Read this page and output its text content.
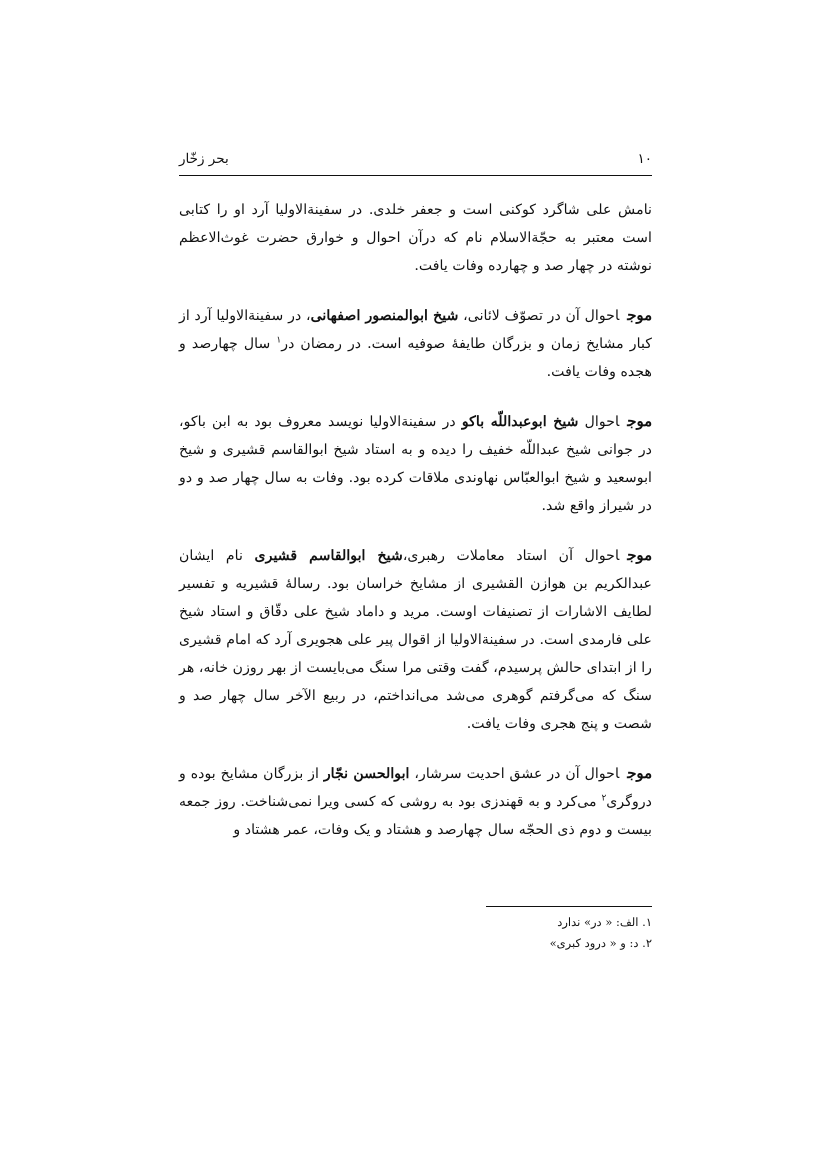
۱۰
بحر زخّار

نامش علی شاگرد کوکنی است و جعفر خلدی. در سفینةالاولیا آرد او را کتابی است معتبر به حجّةالاسلام نام که درآن احوال و خوارق حضرت غوث‌الاعظم نوشته در چهار صد و چهارده وفات یافت.

موجاحوال آن در تصوّف لائانی، شیخ ابوالمنصور اصفهانی، در سفینةالاولیا آرد از کبار مشایخ زمان و بزرگان طایفهٔ صوفیه است. در رمضان در$^۱$ سال چهارصد و هجده وفات یافت.

موجاحوال شیخ ابوعبداللّه باکو در سفینةالاولیا نویسد معروف بود به ابن باکو، در جوانی شیخ عبداللّه خفیف را دیده و به استاد شیخ ابوالقاسم قشیری و شیخ ابوسعید و شیخ ابوالعبّاس نهاوندی ملاقات کرده بود. وفات به سال چهار صد و دو در شیراز واقع شد.

موجاحوال آن استاد معاملات رهبری،شیخ ابوالقاسم قشیری نام ایشان عبدالکریم بن هوازن القشیری از مشایخ خراسان بود. رسالهٔ قشیریه و تفسیر لطایف الاشارات از تصنیفات اوست. مرید و داماد شیخ علی دقّاق و استاد شیخ علی فارمدی است. در سفینةالاولیا از اقوال پیر علی هجویری آرد که امام قشیری را از ابتدای حالش پرسیدم، گفت وقتی مرا سنگ می‌بایست از بهر روزن خانه، هر سنگ که می‌گرفتم گوهری می‌شد می‌انداختم، در ربیع الآخر سال چهار صد و شصت و پنج هجری وفات یافت.

موجاحوال آن در عشق احدیت سرشار، ابوالحسن نجّار از بزرگان مشایخ بوده و دروگری$^۲$ می‌کرد و به قهندزی بود به روشی که کسی ویرا نمی‌شناخت. روز جمعه بیست و دوم ذی الحجّه سال چهارصد و هشتاد و یک وفات، عمر هشتاد و

۱. الف: « در» ندارد

۲. د: و « درود کبری»
